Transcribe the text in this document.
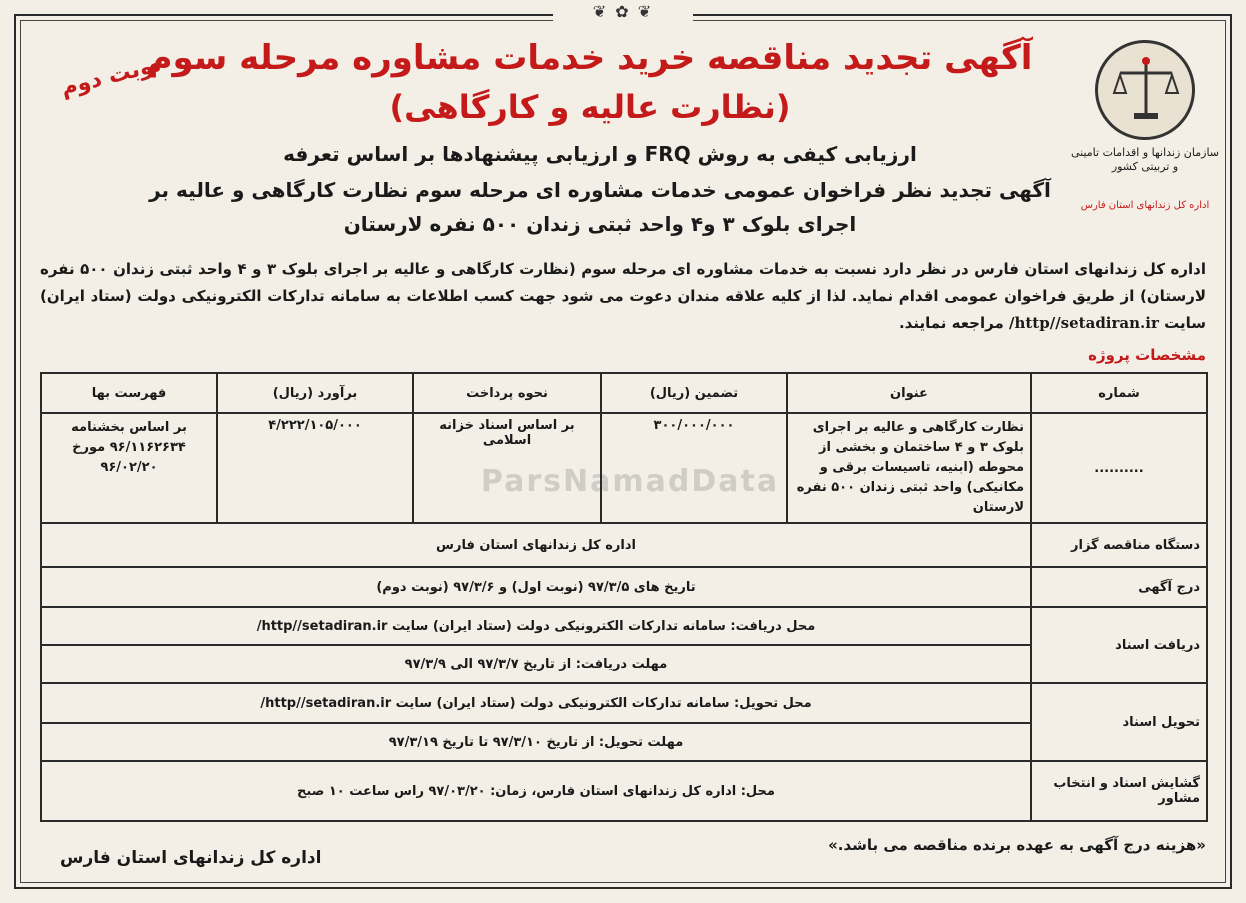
❦ ✿ ❦
نوبت دوم
آگهی تجدید مناقصه خرید خدمات مشاوره مرحله سوم
(نظارت عالیه و کارگاهی)
ارزیابی کیفی به روش FRQ و ارزیابی پیشنهادها بر اساس تعرفه
آگهی تجدید نظر فراخوان عمومی خدمات مشاوره ای مرحله سوم نظارت کارگاهی و عالیه بر
اجرای بلوک ۳ و۴ واحد ثبتی زندان ۵۰۰ نفره لارستان
سازمان زندانها و اقدامات تامینی و تربیتی کشور
اداره کل زندانهای استان فارس
اداره کل زندانهای استان فارس در نظر دارد نسبت به خدمات مشاوره ای مرحله سوم (نظارت کارگاهی و عالیه بر اجرای بلوک ۳ و ۴ واحد ثبتی زندان ۵۰۰ نفره لارستان) از طریق فراخوان عمومی اقدام نماید. لذا از کلیه علاقه مندان دعوت می شود جهت کسب اطلاعات به سامانه تدارکات الکترونیکی دولت (ستاد ایران) سایت http//setadiran.ir/ مراجعه نمایند.
مشخصات پروژه
ParsNamadData
شماره	عنوان	تضمین (ریال)	نحوه پرداخت	برآورد (ریال)	فهرست بها
..........	نظارت کارگاهی و عالیه بر اجرای بلوک ۳ و ۴ ساختمان و بخشی از محوطه (ابنیه، تاسیسات برقی و مکانیکی) واحد ثبتی زندان ۵۰۰ نفره لارستان	۳۰۰/۰۰۰/۰۰۰	بر اساس اسناد خزانه اسلامی	۴/۲۲۲/۱۰۵/۰۰۰	بر اساس بخشنامه ۹۶/۱۱۶۲۶۳۴ مورخ ۹۶/۰۲/۲۰
دستگاه مناقصه گزار	اداره کل زندانهای استان فارس				
درج آگهی	تاریخ های ۹۷/۳/۵ (نوبت اول) و ۹۷/۳/۶ (نوبت دوم)				
دریافت اسناد	محل دریافت: سامانه تدارکات الکترونیکی دولت (ستاد ایران) سایت http//setadiran.ir/				
	مهلت دریافت: از تاریخ ۹۷/۳/۷ الی ۹۷/۳/۹				
تحویل اسناد	محل تحویل: سامانه تدارکات الکترونیکی دولت (ستاد ایران) سایت http//setadiran.ir/				
	مهلت تحویل: از تاریخ ۹۷/۳/۱۰ تا تاریخ ۹۷/۳/۱۹				
گشایش اسناد و انتخاب مشاور	محل: اداره کل زندانهای استان فارس، زمان: ۹۷/۰۳/۲۰ راس ساعت ۱۰ صبح				
«هزینه درج آگهی به عهده برنده مناقصه می باشد.»
اداره کل زندانهای استان فارس
